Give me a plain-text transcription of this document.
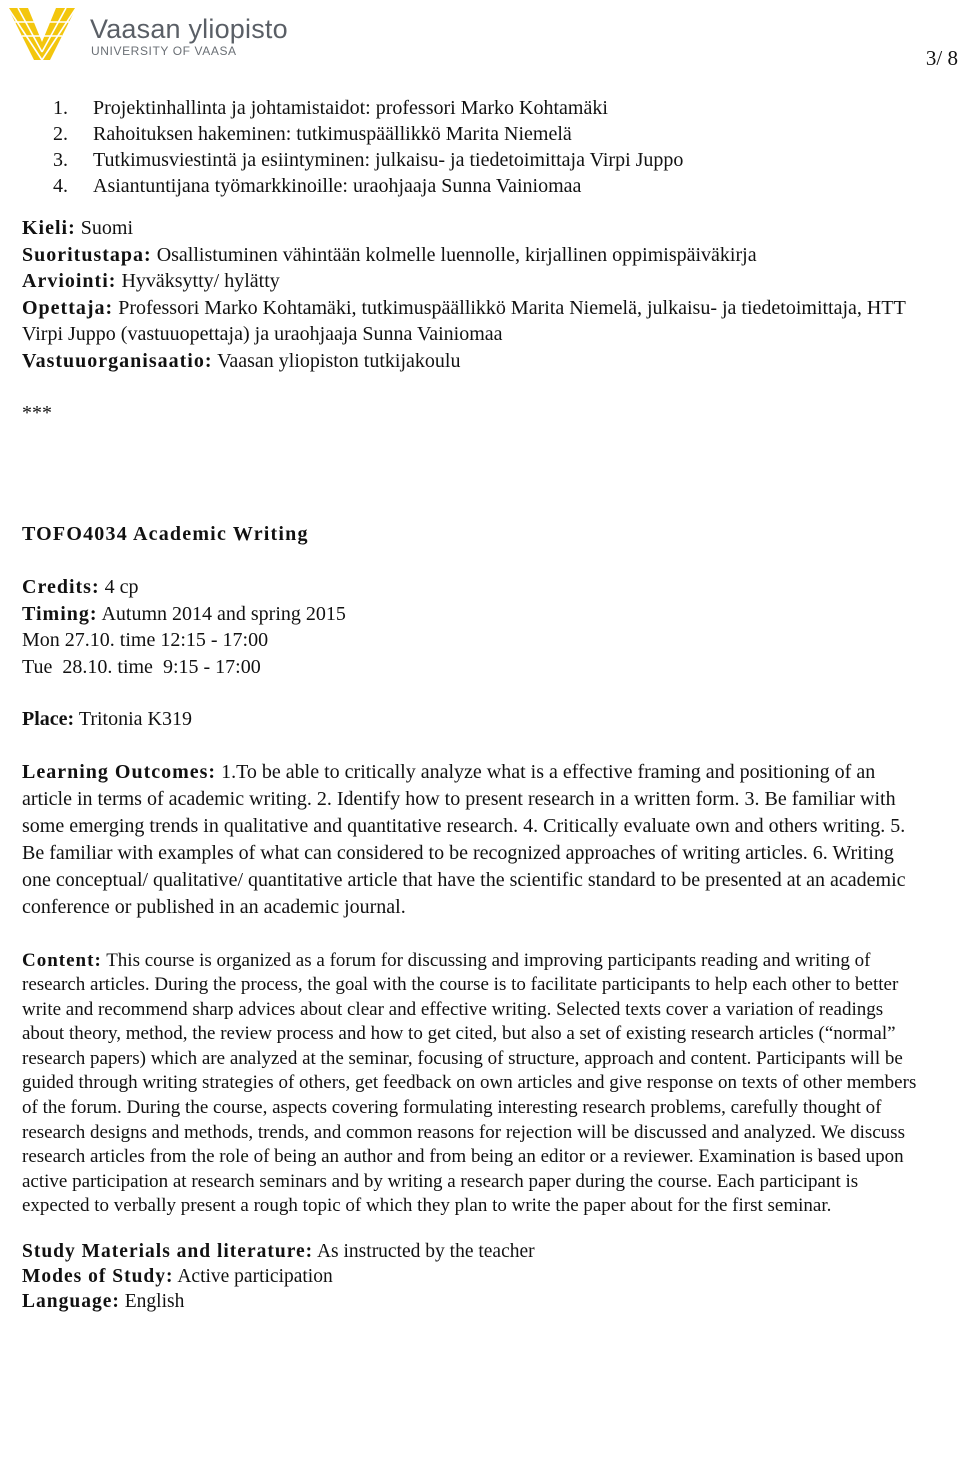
Vaasan yliopisto
UNIVERSITY OF VAASA	3/ 8
1. Projektinhallinta ja johtamistaidot: professori Marko Kohtamäki
2. Rahoituksen hakeminen: tutkimuspäällikkö Marita Niemelä
3. Tutkimusviestintä ja esiintyminen: julkaisu- ja tiedetoimittaja Virpi Juppo
4. Asiantuntijana työmarkkinoille: uraohjaaja Sunna Vainiomaa

Kieli: Suomi

Suoritustapa: Osallistuminen vähintään kolmelle luennolle, kirjallinen oppimispäiväkirja

Arviointi: Hyväksytty/ hylätty

Opettaja: Professori Marko Kohtamäki, tutkimuspäällikkö Marita Niemelä, julkaisu- ja tiedetoimittaja, HTT Virpi Juppo (vastuuopettaja) ja uraohjaaja Sunna Vainiomaa

Vastuuorganisaatio: Vaasan yliopiston tutkijakoulu

***
TOFO4034 Academic Writing

Credits: 4 cp

Timing: Autumn 2014 and spring 2015

Mon 27.10. time 12:15 - 17:00

Tue  28.10. time  9:15 - 17:00

Place: Tritonia K319

Learning Outcomes: 1.To be able to critically analyze what is a effective framing and positioning of an article in terms of academic writing. 2. Identify how to present research in a written form. 3. Be familiar with some emerging trends in qualitative and quantitative research. 4. Critically evaluate own and others writing. 5. Be familiar with examples of what can considered to be recognized approaches of writing articles. 6. Writing one conceptual/ qualitative/ quantitative article that have the scientific standard to be presented at an academic conference or published in an academic journal.

Content: This course is organized as a forum for discussing and improving participants reading and writing of research articles. During the process, the goal with the course is to facilitate participants to help each other to better write and recommend sharp advices about clear and effective writing. Selected texts cover a variation of readings about theory, method, the review process and how to get cited, but also a set of existing research articles (“normal” research papers) which are analyzed at the seminar, focusing of structure, approach and content. Participants will be guided through writing strategies of others, get feedback on own articles and give response on texts of other members of the forum. During the course, aspects covering formulating interesting research problems, carefully thought of research designs and methods, trends, and common reasons for rejection will be discussed and analyzed. We discuss research articles from the role of being an author and from being an editor or a reviewer. Examination is based upon active participation at research seminars and by writing a research paper during the course. Each participant is expected to verbally present a rough topic of which they plan to write the paper about for the first seminar.

Study Materials and literature: As instructed by the teacher

Modes of Study: Active participation

Language: English
